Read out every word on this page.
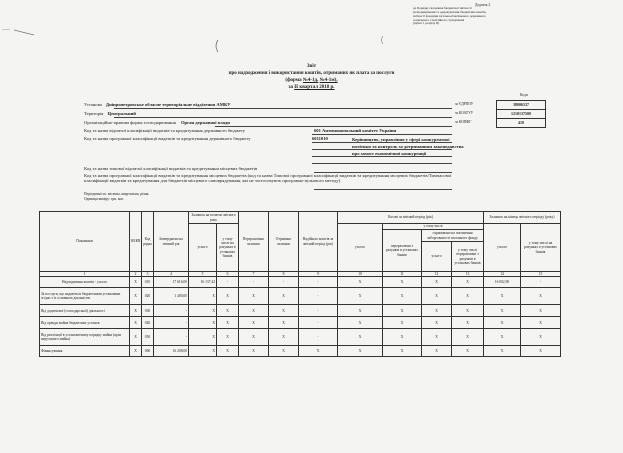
Додаток 2
до Порядку складання бюджетної звітності
розпорядниками та одержувачами бюджетних коштів,
звітності фондами загальнообов'язкового державного
соціального і пенсійного страхування
(пункт 1 розділу II)
Звіт
про надходження і використання коштів, отриманих як плата за послуги
(форма №4-1д, №4-1м),
за II квартал 2018 р.
Коди
за ЄДРПОУ
за КОАТУУ
за КОПФГ
38006537
1210137500
410
Установа Дніпропетровське обласне територіальне відділення АМКУ
Територія Центральний
Організаційно-правова форма господарювання Орган державної влади
Код та назва відомчої класифікації видатків та кредитування державного бюджету	601 Антимонопольний комітет України
Код та назва програмної класифікації видатків та кредитування державного бюджету	6011010	Керівництво, управління у сфері конкурентної політики та контроль за дотриманням законодавства про захист економічної конкуренції
Код та назва типової відомчої класифікації видатків та кредитування місцевих бюджетів
Код та назва програмної класифікації видатків та кредитування місцевих бюджетів (код та назва Типової програмної класифікації видатків та кредитування місцевих бюджетів/Тимчасової класифікації видатків та кредитування для бюджетів місцевого самоврядування, які не застосовують програмно-цільового методу)
Періодичність: місячна, квартальна, річна.
Одиниця виміру: грн. коп.
Показники	КЕКВ	Код рядка	Затверджено на звітний рік	Залишок на початок звітного року		Перераховано залишок	Отримано залишок	Надійшло коштів за звітний період (рік)	Касові за звітний період (рік)				Залишок на кінець звітного періоду (року)	
				усього	у тому числі на рахунках в установах банків				усього	у тому числі			усього	у тому числі на рахунках в установах банків
										перераховані з рахунків в установах банків	спрямовано на погашення заборгованості загального фонду			
											усього	у тому числі перераховані з рахунків в установах банків		
1	2	3	4	5	6	7	8	9	10	11	12	13	14	15
Надходження коштів - усього	X	010	17 616,00	16 137,42	-	-	-	-	X	X	X	X	16 002,90	-
За послуги, що надаються бюджетними установами згідно з їх основною діяльністю	X	020	1 400,00	X	X	X	X	-	X	X	X	X	X	X
Від додаткової (господарської) діяльності	X	030	-	X	X	X	X	-	X	X	X	X	X	X
Від оренди майна бюджетних установ	X	040	-	X	X	X	X	-	X	X	X	X	X	X
Від реалізації в установленому порядку майна (крім нерухомого майна)	X	050	-	X	X	X	X	-	X	X	X	X	X	X
Фінансування	X	060	16 208,00	X	X	X	X	X	X	X	X	X	X	X
